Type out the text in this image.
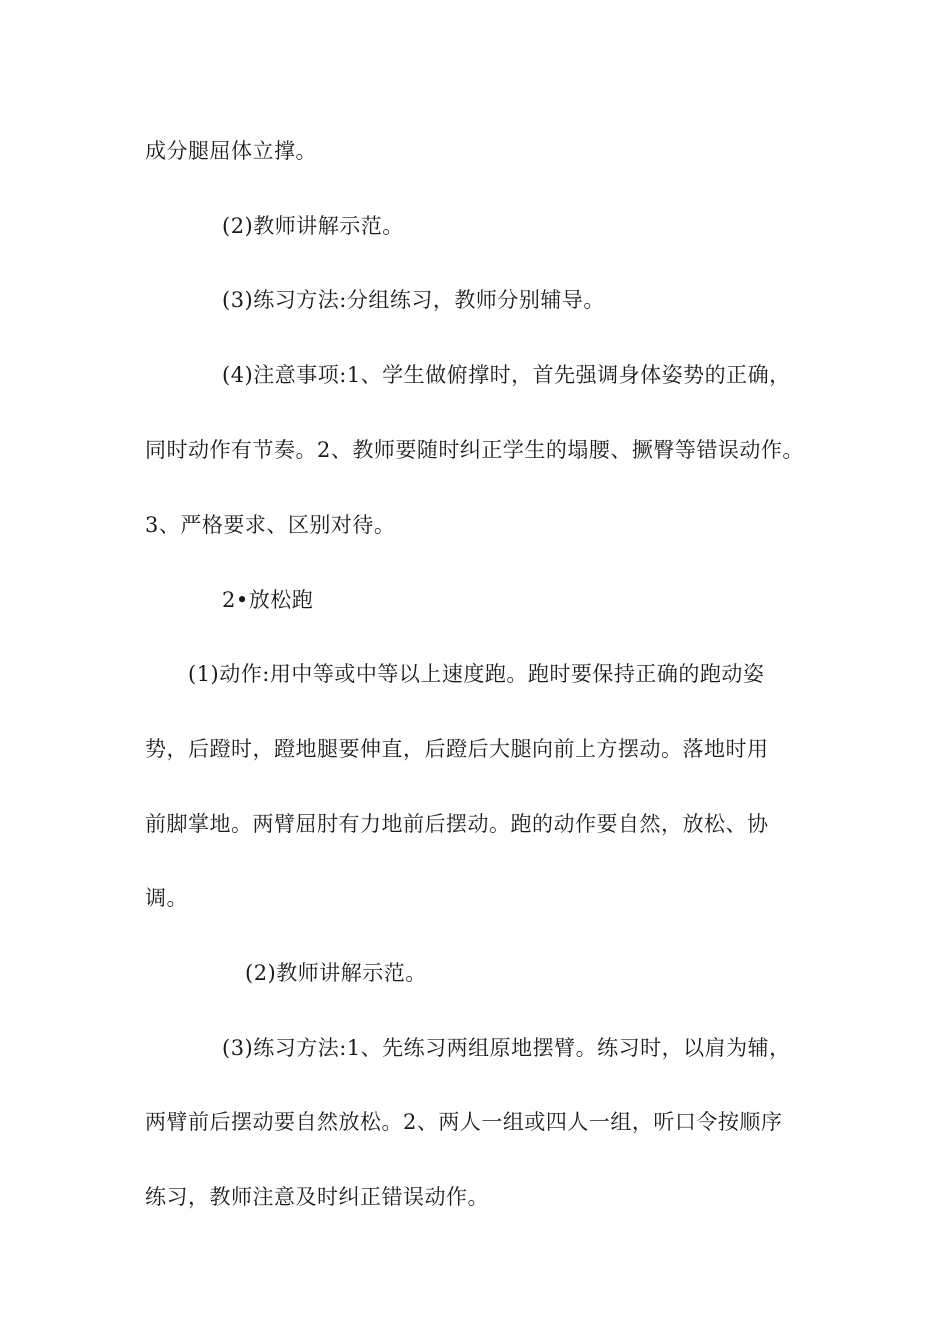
成分腿屈体立撑。
(2)教师讲解示范。
(3)练习方法:分组练习，教师分别辅导。
(4)注意事项:1、学生做俯撑时，首先强调身体姿势的正确，
同时动作有节奏。2、教师要随时纠正学生的塌腰、撅臀等错误动作。
3、严格要求、区别对待。
2•放松跑
(1)动作:用中等或中等以上速度跑。跑时要保持正确的跑动姿
势，后蹬时，蹬地腿要伸直，后蹬后大腿向前上方摆动。落地时用
前脚掌地。两臂屈肘有力地前后摆动。跑的动作要自然，放松、协
调。
(2)教师讲解示范。
(3)练习方法:1、先练习两组原地摆臂。练习时，以肩为辅，
两臂前后摆动要自然放松。2、两人一组或四人一组，听口令按顺序
练习，教师注意及时纠正错误动作。
